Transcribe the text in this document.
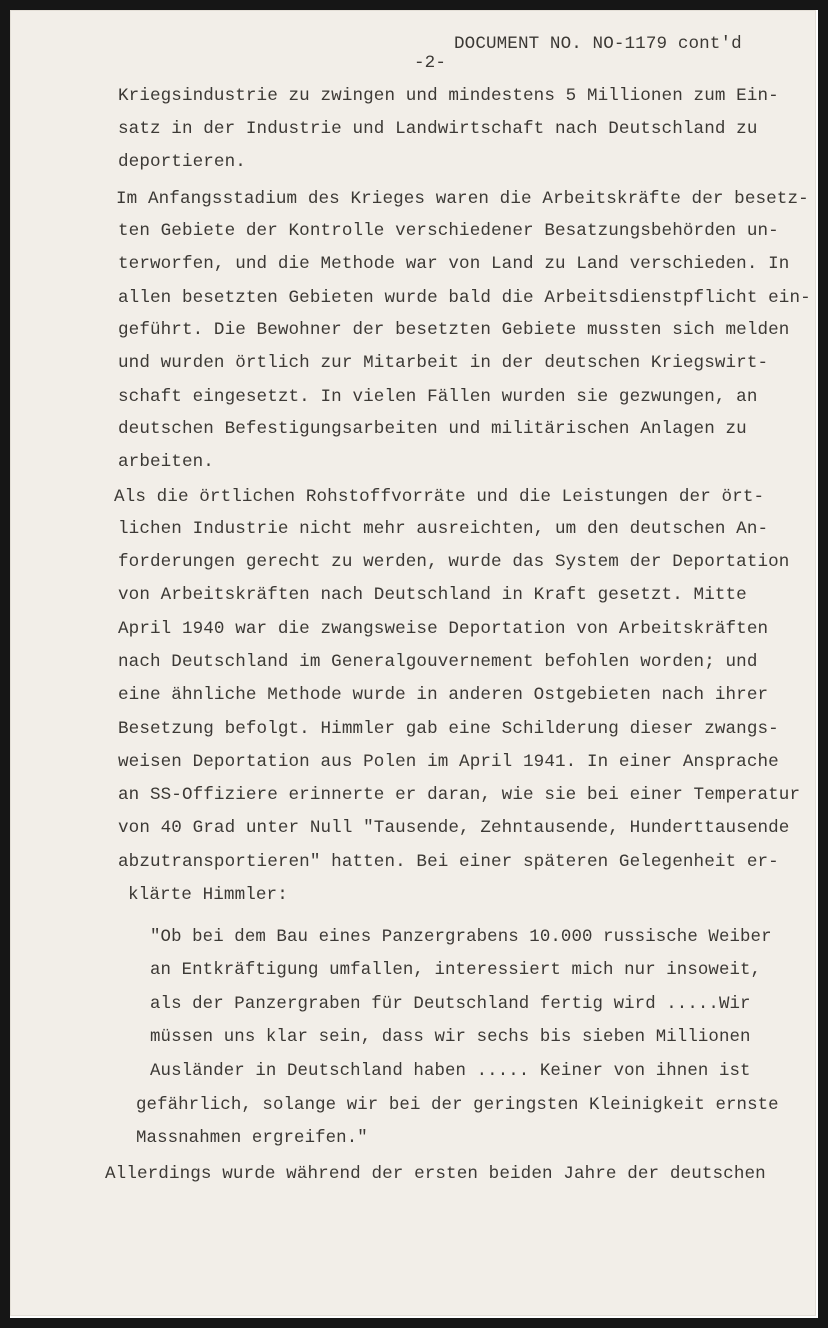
DOCUMENT NO. NO-1179 cont'd
-2-
Kriegsindustrie zu zwingen und mindestens 5 Millionen zum Ein-
satz in der Industrie und Landwirtschaft nach Deutschland zu
deportieren.
Im Anfangsstadium des Krieges waren die Arbeitskräfte der besetz-
ten Gebiete der Kontrolle verschiedener Besatzungsbehörden un-
terworfen, und die Methode war von Land zu Land verschieden. In
allen besetzten Gebieten wurde bald die Arbeitsdienstpflicht ein-
geführt. Die Bewohner der besetzten Gebiete mussten sich melden
und wurden örtlich zur Mitarbeit in der deutschen Kriegswirt-
schaft eingesetzt. In vielen Fällen wurden sie gezwungen, an
deutschen Befestigungsarbeiten und militärischen Anlagen zu
arbeiten.
Als die örtlichen Rohstoffvorräte und die Leistungen der ört-
lichen Industrie nicht mehr ausreichten, um den deutschen An-
forderungen gerecht zu werden, wurde das System der Deportation
von Arbeitskräften nach Deutschland in Kraft gesetzt. Mitte
April 1940 war die zwangsweise Deportation von Arbeitskräften
nach Deutschland im Generalgouvernement befohlen worden; und
eine ähnliche Methode wurde in anderen Ostgebieten nach ihrer
Besetzung befolgt. Himmler gab eine Schilderung dieser zwangs-
weisen Deportation aus Polen im April 1941. In einer Ansprache
an SS-Offiziere erinnerte er daran, wie sie bei einer Temperatur
von 40 Grad unter Null "Tausende, Zehntausende, Hunderttausende
abzutransportieren" hatten. Bei einer späteren Gelegenheit er-
klärte Himmler:
"Ob bei dem Bau eines Panzergrabens 10.000 russische Weiber
an Entkräftigung umfallen, interessiert mich nur insoweit,
als der Panzergraben für Deutschland fertig wird .....Wir
müssen uns klar sein, dass wir sechs bis sieben Millionen
Ausländer in Deutschland haben ..... Keiner von ihnen ist
gefährlich, solange wir bei der geringsten Kleinigkeit ernste
Massnahmen ergreifen."
Allerdings wurde während der ersten beiden Jahre der deutschen
